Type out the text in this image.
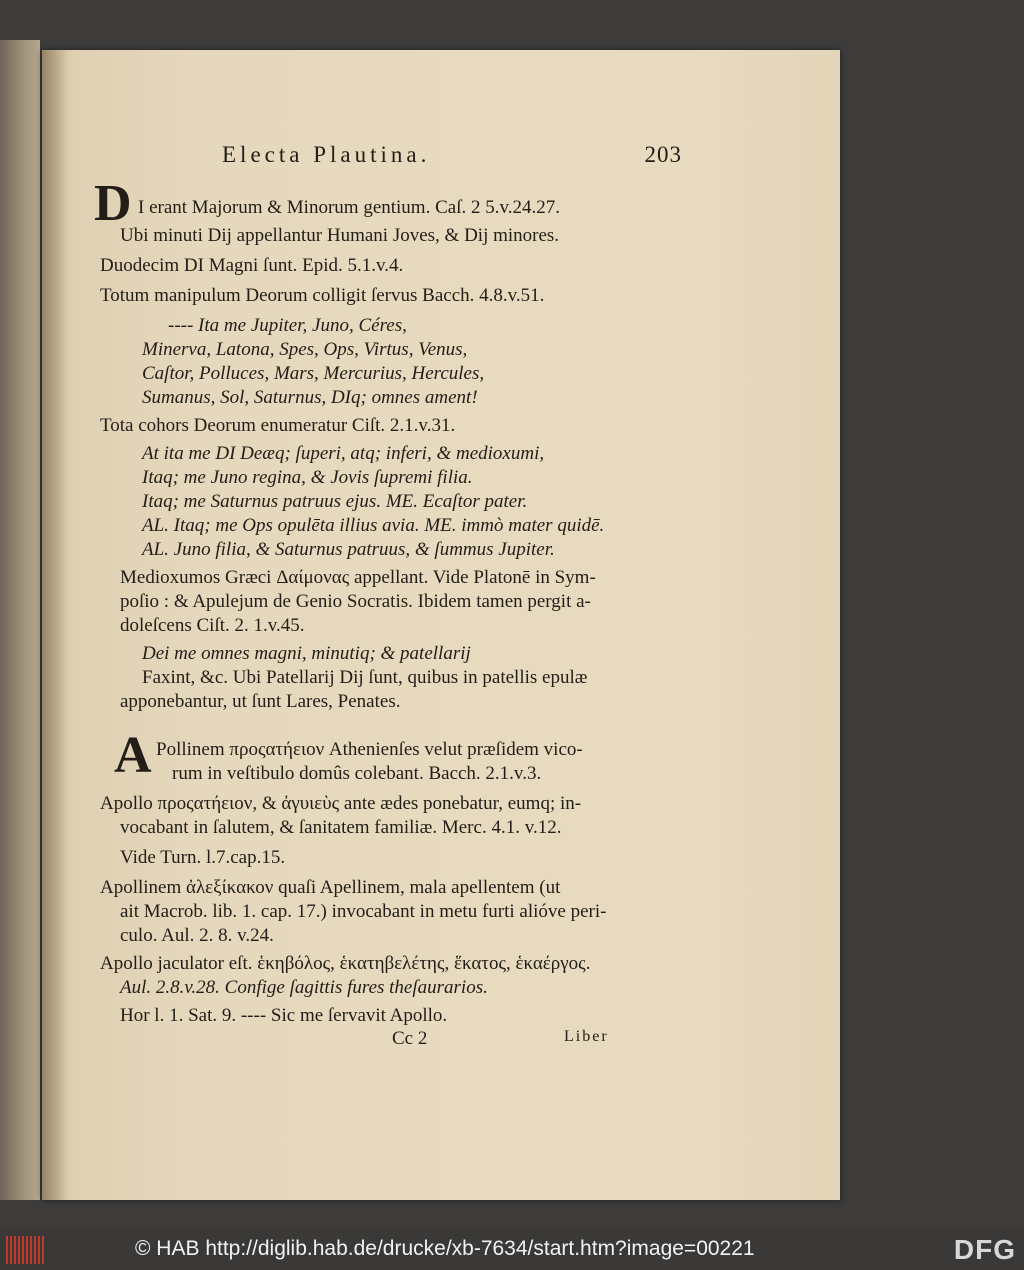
Electa Plautina.	203
D I erant Majorum & Minorum gentium. Caſ. 2 5.v.24.27.
Ubi minuti Dij appellantur Humani Joves, & Dij minores.
Duodecim DI Magni ſunt. Epid. 5.1.v.4.
Totum manipulum Deorum colligit ſervus Bacch. 4.8.v.51.
---- Ita me Jupiter, Juno, Céres,
Minerva, Latona, Spes, Ops, Virtus, Venus,
Caſtor, Polluces, Mars, Mercurius, Hercules,
Sumanus, Sol, Saturnus, DIq; omnes ament!
Tota cohors Deorum enumeratur Ciſt. 2.1.v.31.
At ita me DI Deæq; ſuperi, atq; inferi, & medioxumi,
Itaq; me Juno regina, & Jovis ſupremi filia.
Itaq; me Saturnus patruus ejus. ME. Ecaſtor pater.
AL. Itaq; me Ops opulēta illius avia. ME. immò mater quidē.
AL. Juno filia, & Saturnus patruus, & ſummus Jupiter.
Medioxumos Græci Δαίμονας appellant. Vide Platonē in Sym-
poſio : & Apulejum de Genio Socratis. Ibidem tamen pergit a-
doleſcens Ciſt. 2. 1.v.45.
Dei me omnes magni, minutiq; & patellarij
Faxint, &c. Ubi Patellarij Dij ſunt, quibus in patellis epulæ
apponebantur, ut ſunt Lares, Penates.
A Pollinem προςατήειον Athenienſes velut præſidem vico-
rum in veſtibulo domûs colebant. Bacch. 2.1.v.3.
Apollo προςατήειον, & ἀγυιεὺς ante ædes ponebatur, eumq; in-
vocabant in ſalutem, & ſanitatem familiæ. Merc. 4.1. v.12.
Vide Turn. l.7.cap.15.
Apollinem ἀλεξίκακον quaſi Apellinem, mala apellentem (ut
ait Macrob. lib. 1. cap. 17.) invocabant in metu furti alióve peri-
culo. Aul. 2. 8. v.24.
Apollo jaculator eſt. ἑκηβόλος, ἑκατηβελέτης, ἕκατος, ἑκαέργος.
Aul. 2.8.v.28. Confige ſagittis fures theſaurarios.
Hor l. 1. Sat. 9. ---- Sic me ſervavit Apollo.
Cc 2	Liber
© HAB http://diglib.hab.de/drucke/xb-7634/start.htm?image=00221	DFG
